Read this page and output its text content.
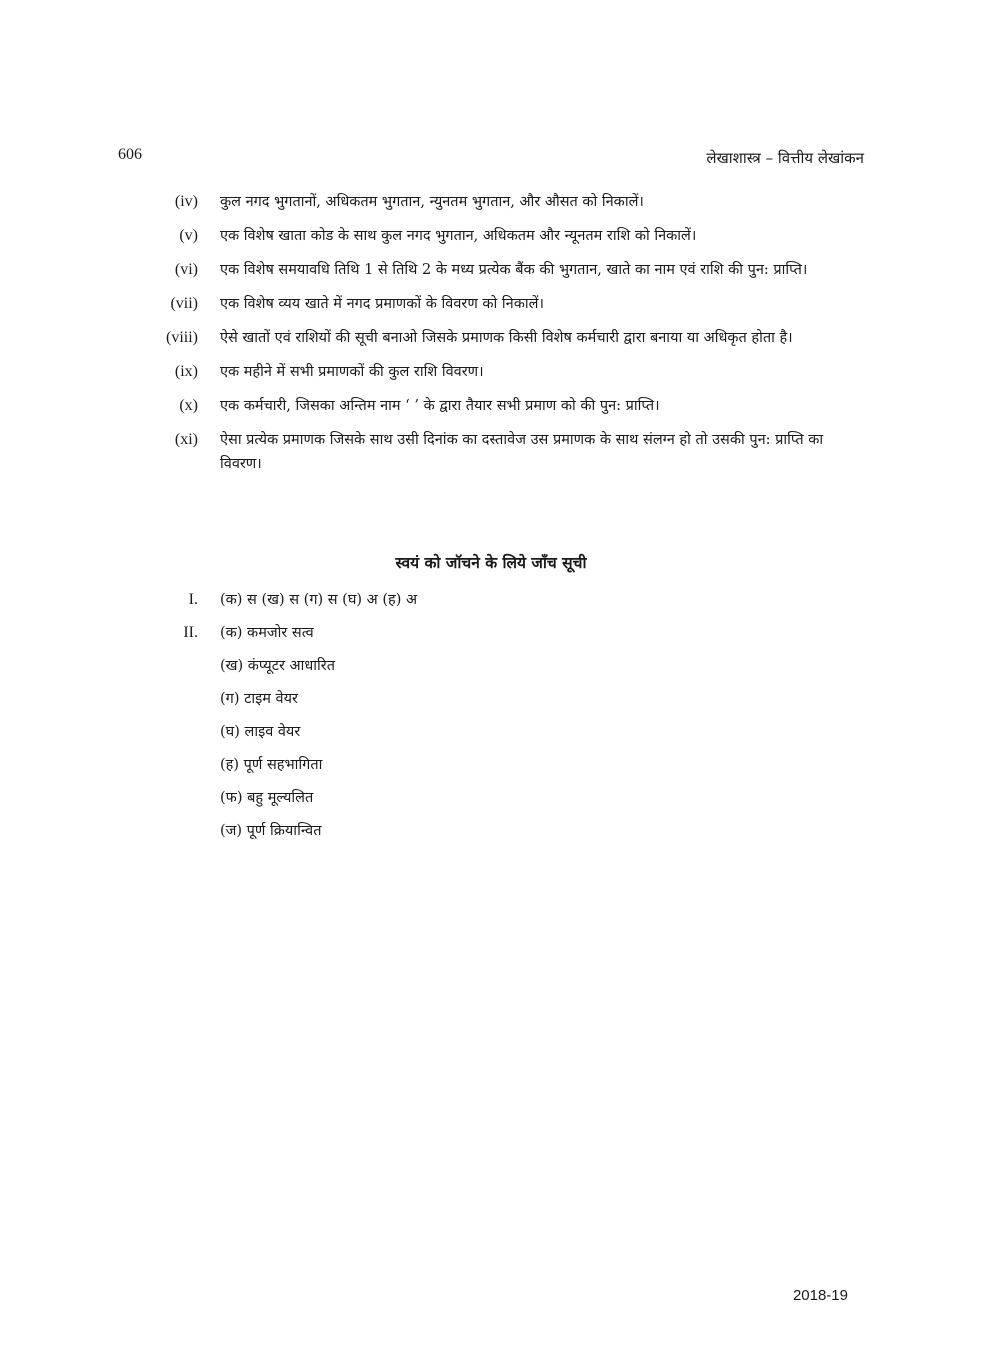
606	लेखाशास्त्र – वित्तीय लेखांकन
(iv)	कुल नगद भुगतानों, अधिकतम भुगतान, न्युनतम भुगतान, और औसत को निकालें।
(v)	एक विशेष खाता कोड के साथ कुल नगद भुगतान, अधिकतम और न्यूनतम राशि को निकालें।
(vi)	एक विशेष समयावधि तिथि 1 से तिथि 2 के मध्य प्रत्येक बैंक की भुगतान, खाते का नाम एवं राशि की पुन: प्राप्ति।
(vii)	एक विशेष व्यय खाते में नगद प्रमाणकों के विवरण को निकालें।
(viii)	ऐसे खातों एवं राशियों की सूची बनाओ जिसके प्रमाणक किसी विशेष कर्मचारी द्वारा बनाया या अधिकृत होता है।
(ix)	एक महीने में सभी प्रमाणकों की कुल राशि विवरण।
(x)	एक कर्मचारी, जिसका अन्तिम नाम ‘ ’ के द्वारा तैयार सभी प्रमाण को की पुन: प्राप्ति।
(xi)	ऐसा प्रत्येक प्रमाणक जिसके साथ उसी दिनांक का दस्तावेज उस प्रमाणक के साथ संलग्न हो तो उसकी पुन: प्राप्ति का विवरण।
स्वयं को जॉचने के लिये जाँच सूची
I.	(क) स (ख) स (ग) स (घ) अ (ह) अ
II.	(क) कमजोर सत्व
(ख) कंप्यूटर आधारित
(ग) टाइम वेयर
(घ) लाइव वेयर
(ह) पूर्ण सहभागिता
(फ) बहु मूल्यलित
(ज) पूर्ण क्रियान्वित
2018-19
